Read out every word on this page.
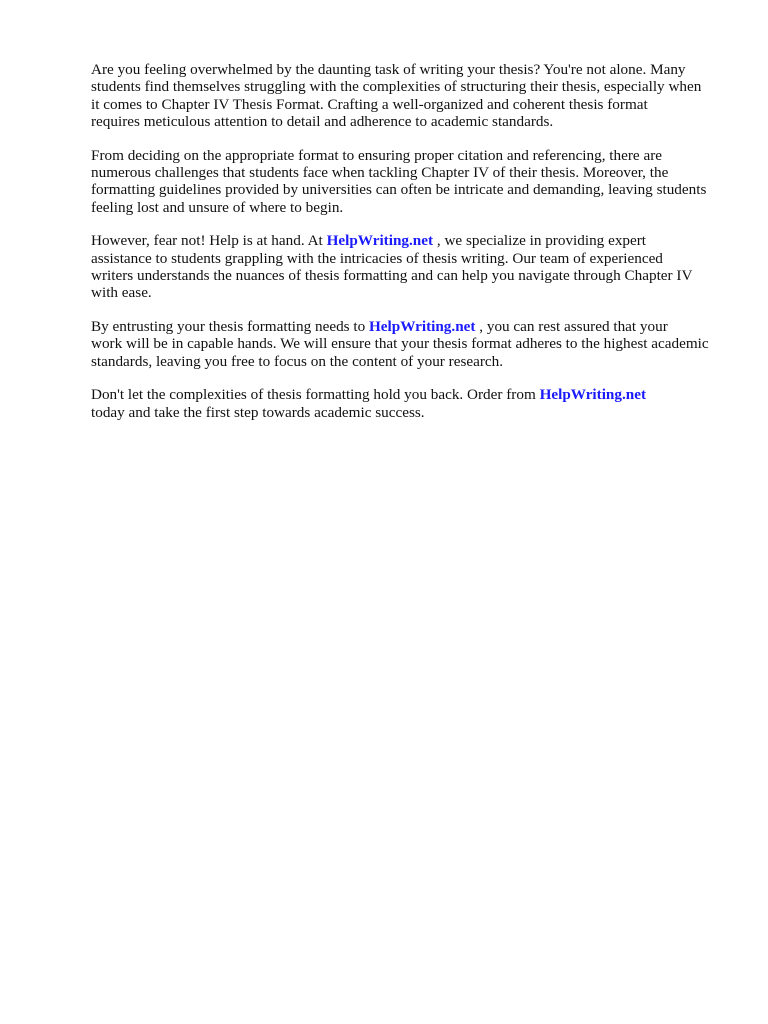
Are you feeling overwhelmed by the daunting task of writing your thesis? You're not alone. Many
students find themselves struggling with the complexities of structuring their thesis, especially when
it comes to Chapter IV Thesis Format. Crafting a well-organized and coherent thesis format
requires meticulous attention to detail and adherence to academic standards.

From deciding on the appropriate format to ensuring proper citation and referencing, there are
numerous challenges that students face when tackling Chapter IV of their thesis. Moreover, the
formatting guidelines provided by universities can often be intricate and demanding, leaving students
feeling lost and unsure of where to begin.

However, fear not! Help is at hand. At HelpWriting.net , we specialize in providing expert
assistance to students grappling with the intricacies of thesis writing. Our team of experienced
writers understands the nuances of thesis formatting and can help you navigate through Chapter IV
with ease.

By entrusting your thesis formatting needs to HelpWriting.net , you can rest assured that your
work will be in capable hands. We will ensure that your thesis format adheres to the highest academic
standards, leaving you free to focus on the content of your research.

Don't let the complexities of thesis formatting hold you back. Order from HelpWriting.net
today and take the first step towards academic success.
